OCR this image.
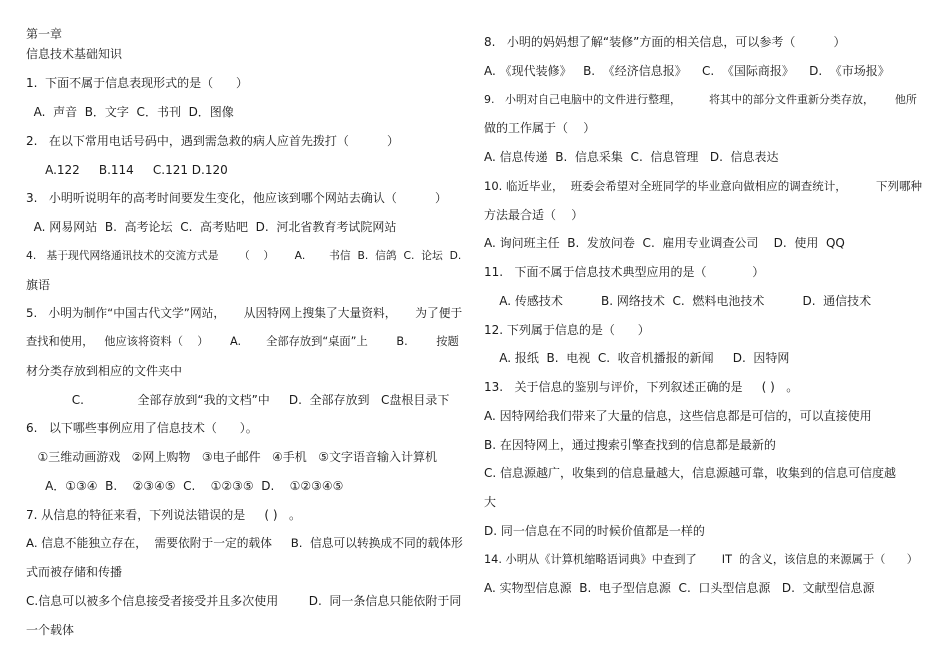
第一章
信息技术基础知识
1.  下面不属于信息表现形式的是（      ）
A.  声音  B．文字  C．书刊  D．图像
2.   在以下常用电话号码中，遇到需急救的病人应首先拨打（          ）
A.122     B.114     C.121 D.120
3.   小明听说明年的高考时间要发生变化，他应该到哪个网站去确认（          ）
A. 网易网站  B.  高考论坛  C.  高考贴吧  D.  河北省教育考试院网站
4.   基于现代网络通讯技术的交流方式是      （    ）      A.       书信  B.  信鸽  C.  论坛  D.
旗语
5.   小明为制作“中国古代文学”网站，     从因特网上搜集了大量资料，     为了便于
查找和使用，   他应该将资料（    ）      A.       全部存放到“桌面”上        B.        按题
材分类存放到相应的文件夹中
C.              全部存放到“我的文档”中     D.  全部存放到   C盘根目录下
6.   以下哪些事例应用了信息技术（      ）。
①三维动画游戏   ②网上购物   ③电子邮件   ④手机   ⑤文字语音输入计算机
A．①③④  B.    ②③④⑤  C.    ①②③⑤  D.    ①②③④⑤
7. 从信息的特征来看，下列说法错误的是     ( )   。
A. 信息不能独立存在，  需要依附于一定的载体     B.  信息可以转换成不同的载体形
式而被存储和传播
C.信息可以被多个信息接受者接受并且多次使用        D.  同一条信息只能依附于同
一个载体
8.   小明的妈妈想了解“装修”方面的相关信息，可以参考（          ）
A. 《现代装修》   B.  《经济信息报》    C.  《国际商报》    D.  《市场报》
9.   小明对自己电脑中的文件进行整理，        将其中的部分文件重新分类存放，      他所
做的工作属于（    ）
A. 信息传递  B.  信息采集  C.  信息管理   D.  信息表达
10. 临近毕业，  班委会希望对全班同学的毕业意向做相应的调查统计，        下列哪种
方法最合适（    ）
A. 询问班主任  B.  发放问卷  C.  雇用专业调查公司    D.  使用  QQ
11.   下面不属于信息技术典型应用的是（            ）
A. 传感技术          B. 网络技术  C.  燃料电池技术          D.  通信技术
12. 下列属于信息的是（      ）
A. 报纸  B.  电视  C.  收音机播报的新闻     D.  因特网
13.   关于信息的鉴别与评价，下列叙述正确的是     ( )   。
A. 因特网给我们带来了大量的信息，这些信息都是可信的，可以直接使用
B. 在因特网上，通过搜索引擎查找到的信息都是最新的
C. 信息源越广，收集到的信息量越大，信息源越可靠，收集到的信息可信度越
大
D. 同一信息在不同的时候价值都是一样的
14. 小明从《计算机缩略语词典》中查到了       IT  的含义，该信息的来源属于（      ）
A. 实物型信息源  B.  电子型信息源  C.  口头型信息源   D.  文献型信息源
